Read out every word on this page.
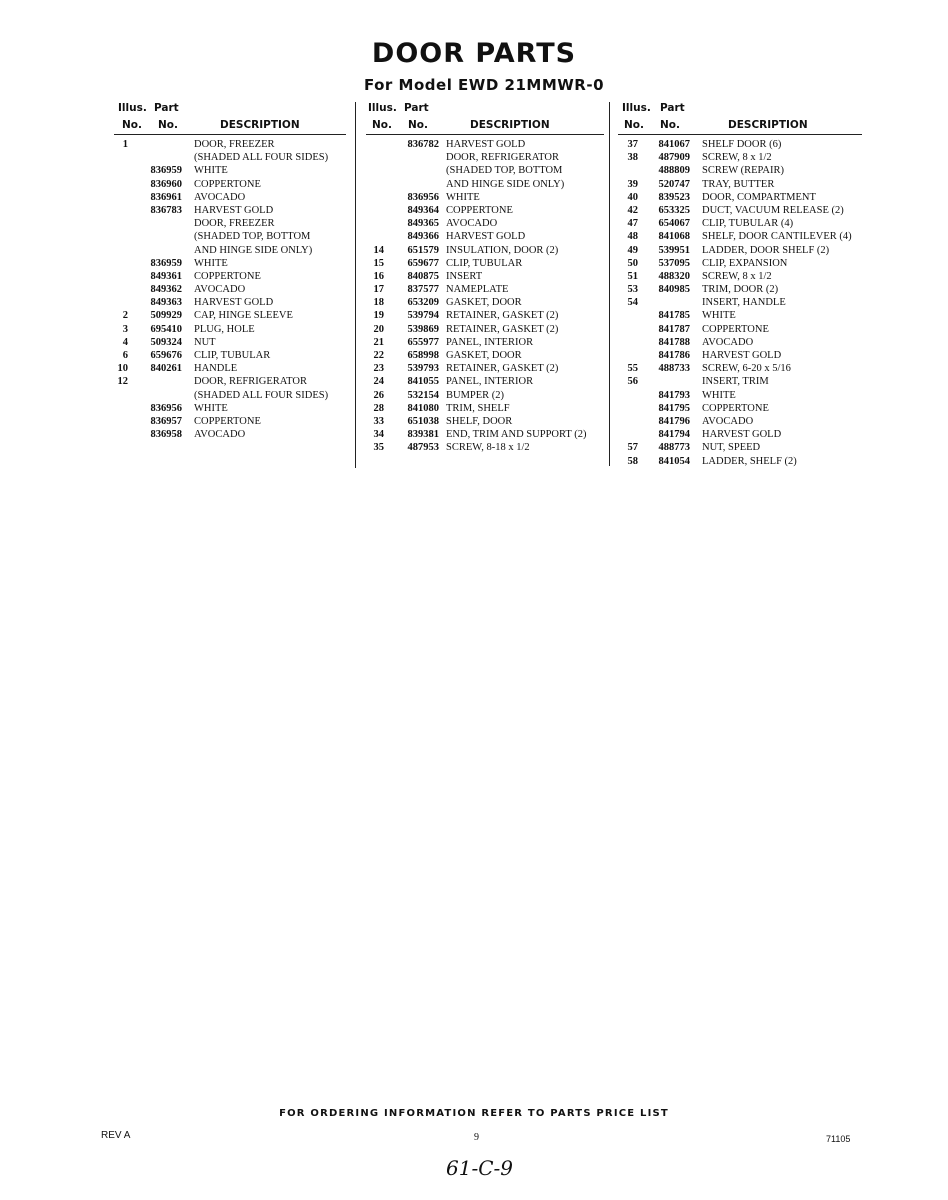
DOOR PARTS
For Model EWD 21MMWR-0
Illus. Part
No. No.	DESCRIPTION
1	DOOR, FREEZER
(SHADED ALL FOUR SIDES)
836959 WHITE
836960 COPPERTONE
836961 AVOCADO
836783 HARVEST GOLD
DOOR, FREEZER
(SHADED TOP, BOTTOM
AND HINGE SIDE ONLY)
836959 WHITE
849361 COPPERTONE
849362 AVOCADO
849363 HARVEST GOLD
2	509929 CAP, HINGE SLEEVE
3	695410 PLUG, HOLE
4	509324 NUT
6	659676 CLIP, TUBULAR
10	840261 HANDLE
12	DOOR, REFRIGERATOR
(SHADED ALL FOUR SIDES)
836956 WHITE
836957 COPPERTONE
836958 AVOCADO
Illus. Part
No. No.	DESCRIPTION
836782 HARVEST GOLD
DOOR, REFRIGERATOR
(SHADED TOP, BOTTOM
AND HINGE SIDE ONLY)
836956 WHITE
849364 COPPERTONE
849365 AVOCADO
849366 HARVEST GOLD
14	651579 INSULATION, DOOR (2)
15	659677 CLIP, TUBULAR
16	840875 INSERT
17	837577 NAMEPLATE
18	653209 GASKET, DOOR
19	539794 RETAINER, GASKET (2)
20	539869 RETAINER, GASKET (2)
21	655977 PANEL, INTERIOR
22	658998 GASKET, DOOR
23	539793 RETAINER, GASKET (2)
24	841055 PANEL, INTERIOR
26	532154 BUMPER (2)
28	841080 TRIM, SHELF
33	651038 SHELF, DOOR
34	839381 END, TRIM AND SUPPORT (2)
35	487953 SCREW, 8-18 x 1/2
Illus. Part
No. No.	DESCRIPTION
37	841067 SHELF DOOR (6)
38	487909 SCREW, 8 x 1/2
488809 SCREW (REPAIR)
39	520747 TRAY, BUTTER
40	839523 DOOR, COMPARTMENT
42	653325 DUCT, VACUUM RELEASE (2)
47	654067 CLIP, TUBULAR (4)
48	841068 SHELF, DOOR CANTILEVER (4)
49	539951 LADDER, DOOR SHELF (2)
50	537095 CLIP, EXPANSION
51	488320 SCREW, 8 x 1/2
53	840985 TRIM, DOOR (2)
54	INSERT, HANDLE
841785 WHITE
841787 COPPERTONE
841788 AVOCADO
841786 HARVEST GOLD
55	488733 SCREW, 6-20 x 5/16
56	INSERT, TRIM
841793 WHITE
841795 COPPERTONE
841796 AVOCADO
841794 HARVEST GOLD
57	488773 NUT, SPEED
58	841054 LADDER, SHELF (2)
FOR ORDERING INFORMATION REFER TO PARTS PRICE LIST
REV A	9	71105
61-C-9
